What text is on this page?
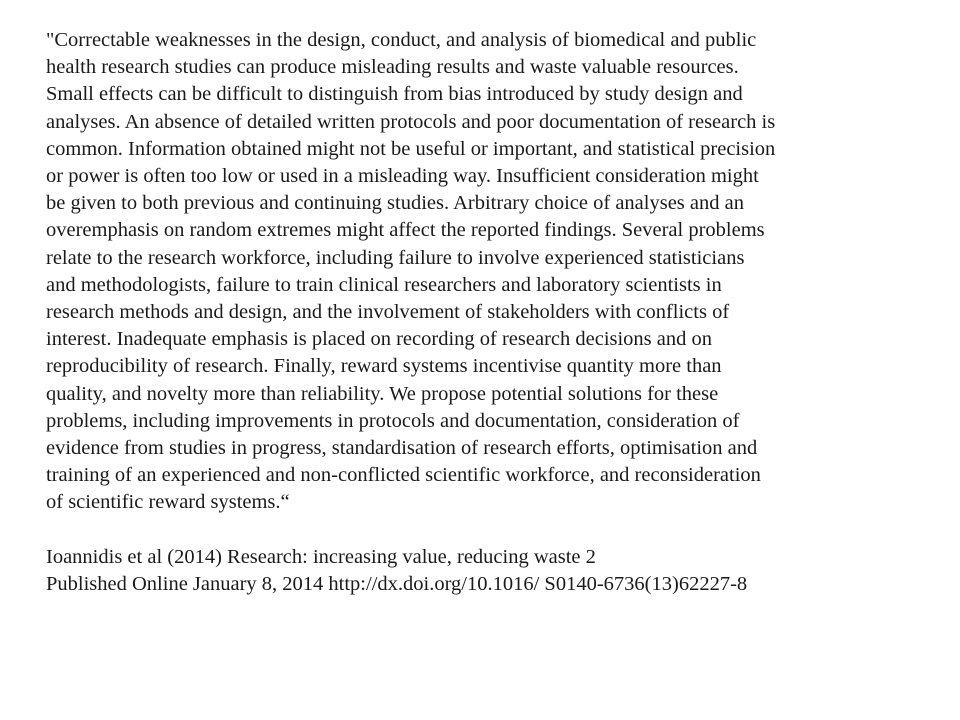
"Correctable weaknesses in the design, conduct, and analysis of biomedical and public
health research studies can produce misleading results and waste valuable resources.
Small effects can be difficult to distinguish from bias introduced by study design and
analyses. An absence of detailed written protocols and poor documentation of research is
common. Information obtained might not be useful or important, and statistical precision
or power is often too low or used in a misleading way. Insufficient consideration might
be given to both previous and continuing studies. Arbitrary choice of analyses and an
overemphasis on random extremes might affect the reported findings. Several problems
relate to the research workforce, including failure to involve experienced statisticians
and methodologists, failure to train clinical researchers and laboratory scientists in
research methods and design, and the involvement of stakeholders with conflicts of
interest. Inadequate emphasis is placed on recording of research decisions and on
reproducibility of research. Finally, reward systems incentivise quantity more than
quality, and novelty more than reliability. We propose potential solutions for these
problems, including improvements in protocols and documentation, consideration of
evidence from studies in progress, standardisation of research efforts, optimisation and
training of an experienced and non-conflicted scientific workforce, and reconsideration
of scientific reward systems.“
Ioannidis et al (2014) Research: increasing value, reducing waste 2
Published Online January 8, 2014 http://dx.doi.org/10.1016/ S0140-6736(13)62227-8
